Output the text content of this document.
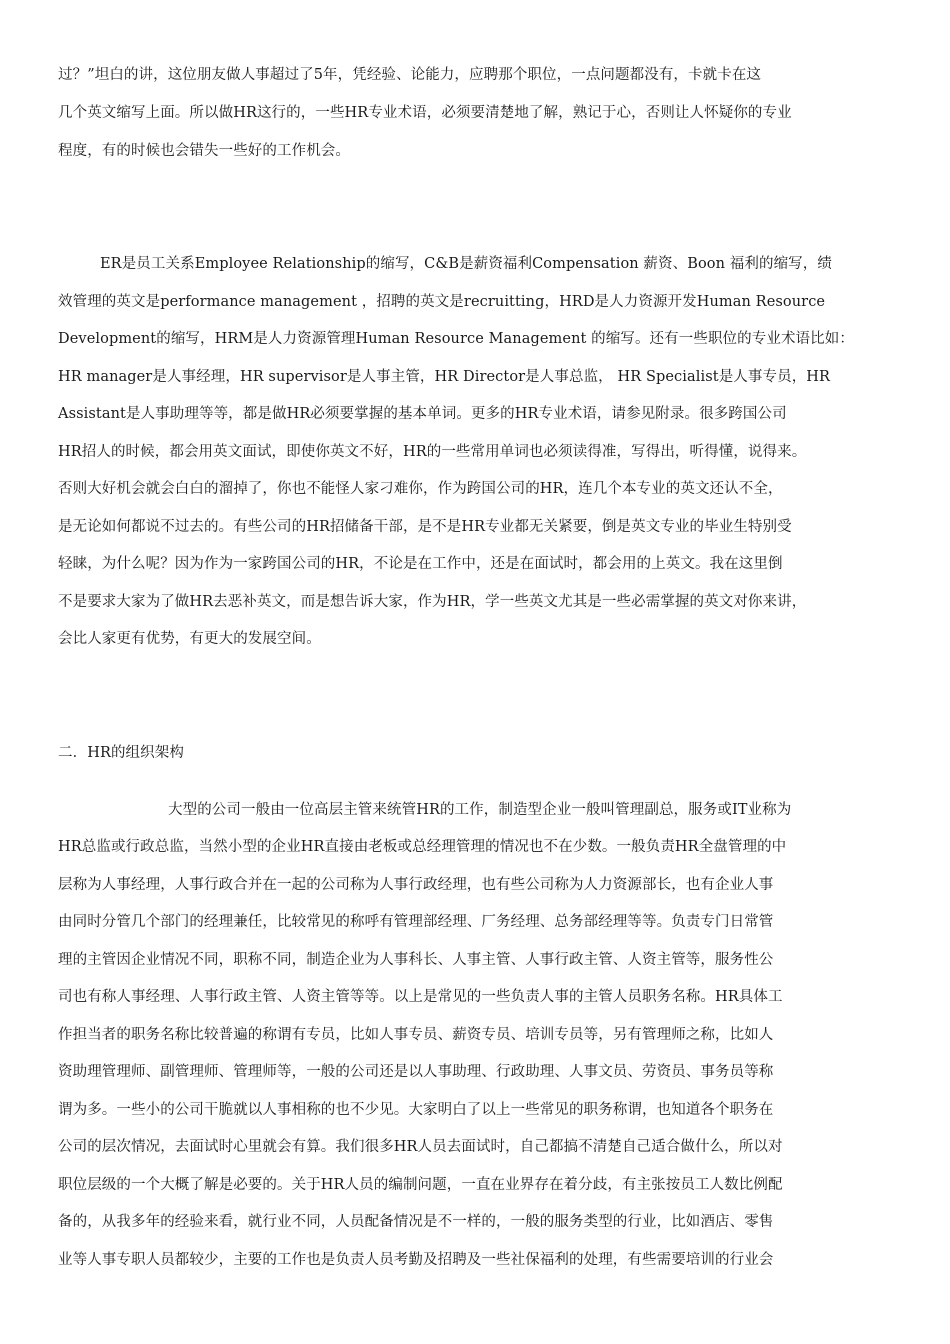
过？”坦白的讲，这位朋友做人事超过了5年，凭经验、论能力，应聘那个职位，一点问题都没有，卡就卡在这
几个英文缩写上面。所以做HR这行的，一些HR专业术语，必须要清楚地了解，熟记于心，否则让人怀疑你的专业
程度，有的时候也会错失一些好的工作机会。
ER是员工关系Employee Relationship的缩写，C&B是薪资福利Compensation 薪资、Boon 福利的缩写，绩
效管理的英文是performance management ，招聘的英文是recruitting，HRD是人力资源开发Human Resource
Development的缩写，HRM是人力资源管理Human Resource Management 的缩写。还有一些职位的专业术语比如：
HR manager是人事经理，HR supervisor是人事主管，HR Director是人事总监， HR Specialist是人事专员，HR
Assistant是人事助理等等，都是做HR必须要掌握的基本单词。更多的HR专业术语，请参见附录。很多跨国公司
HR招人的时候，都会用英文面试，即使你英文不好，HR的一些常用单词也必须读得准，写得出，听得懂，说得来。
否则大好机会就会白白的溜掉了，你也不能怪人家刁难你，作为跨国公司的HR，连几个本专业的英文还认不全，
是无论如何都说不过去的。有些公司的HR招储备干部，是不是HR专业都无关紧要，倒是英文专业的毕业生特别受
轻睐，为什么呢？因为作为一家跨国公司的HR，不论是在工作中，还是在面试时，都会用的上英文。我在这里倒
不是要求大家为了做HR去恶补英文，而是想告诉大家，作为HR，学一些英文尤其是一些必需掌握的英文对你来讲，
会比人家更有优势，有更大的发展空间。
二．HR的组织架构
大型的公司一般由一位高层主管来统管HR的工作，制造型企业一般叫管理副总，服务或IT业称为
HR总监或行政总监，当然小型的企业HR直接由老板或总经理管理的情况也不在少数。一般负责HR全盘管理的中
层称为人事经理，人事行政合并在一起的公司称为人事行政经理，也有些公司称为人力资源部长，也有企业人事
由同时分管几个部门的经理兼任，比较常见的称呼有管理部经理、厂务经理、总务部经理等等。负责专门日常管
理的主管因企业情况不同，职称不同，制造企业为人事科长、人事主管、人事行政主管、人资主管等，服务性公
司也有称人事经理、人事行政主管、人资主管等等。以上是常见的一些负责人事的主管人员职务名称。HR具体工
作担当者的职务名称比较普遍的称谓有专员，比如人事专员、薪资专员、培训专员等，另有管理师之称，比如人
资助理管理师、副管理师、管理师等，一般的公司还是以人事助理、行政助理、人事文员、劳资员、事务员等称
谓为多。一些小的公司干脆就以人事相称的也不少见。大家明白了以上一些常见的职务称谓，也知道各个职务在
公司的层次情况，去面试时心里就会有算。我们很多HR人员去面试时，自己都搞不清楚自己适合做什么，所以对
职位层级的一个大概了解是必要的。关于HR人员的编制问题，一直在业界存在着分歧，有主张按员工人数比例配
备的，从我多年的经验来看，就行业不同，人员配备情况是不一样的，一般的服务类型的行业，比如酒店、零售
业等人事专职人员都较少，主要的工作也是负责人员考勤及招聘及一些社保福利的处理，有些需要培训的行业会
